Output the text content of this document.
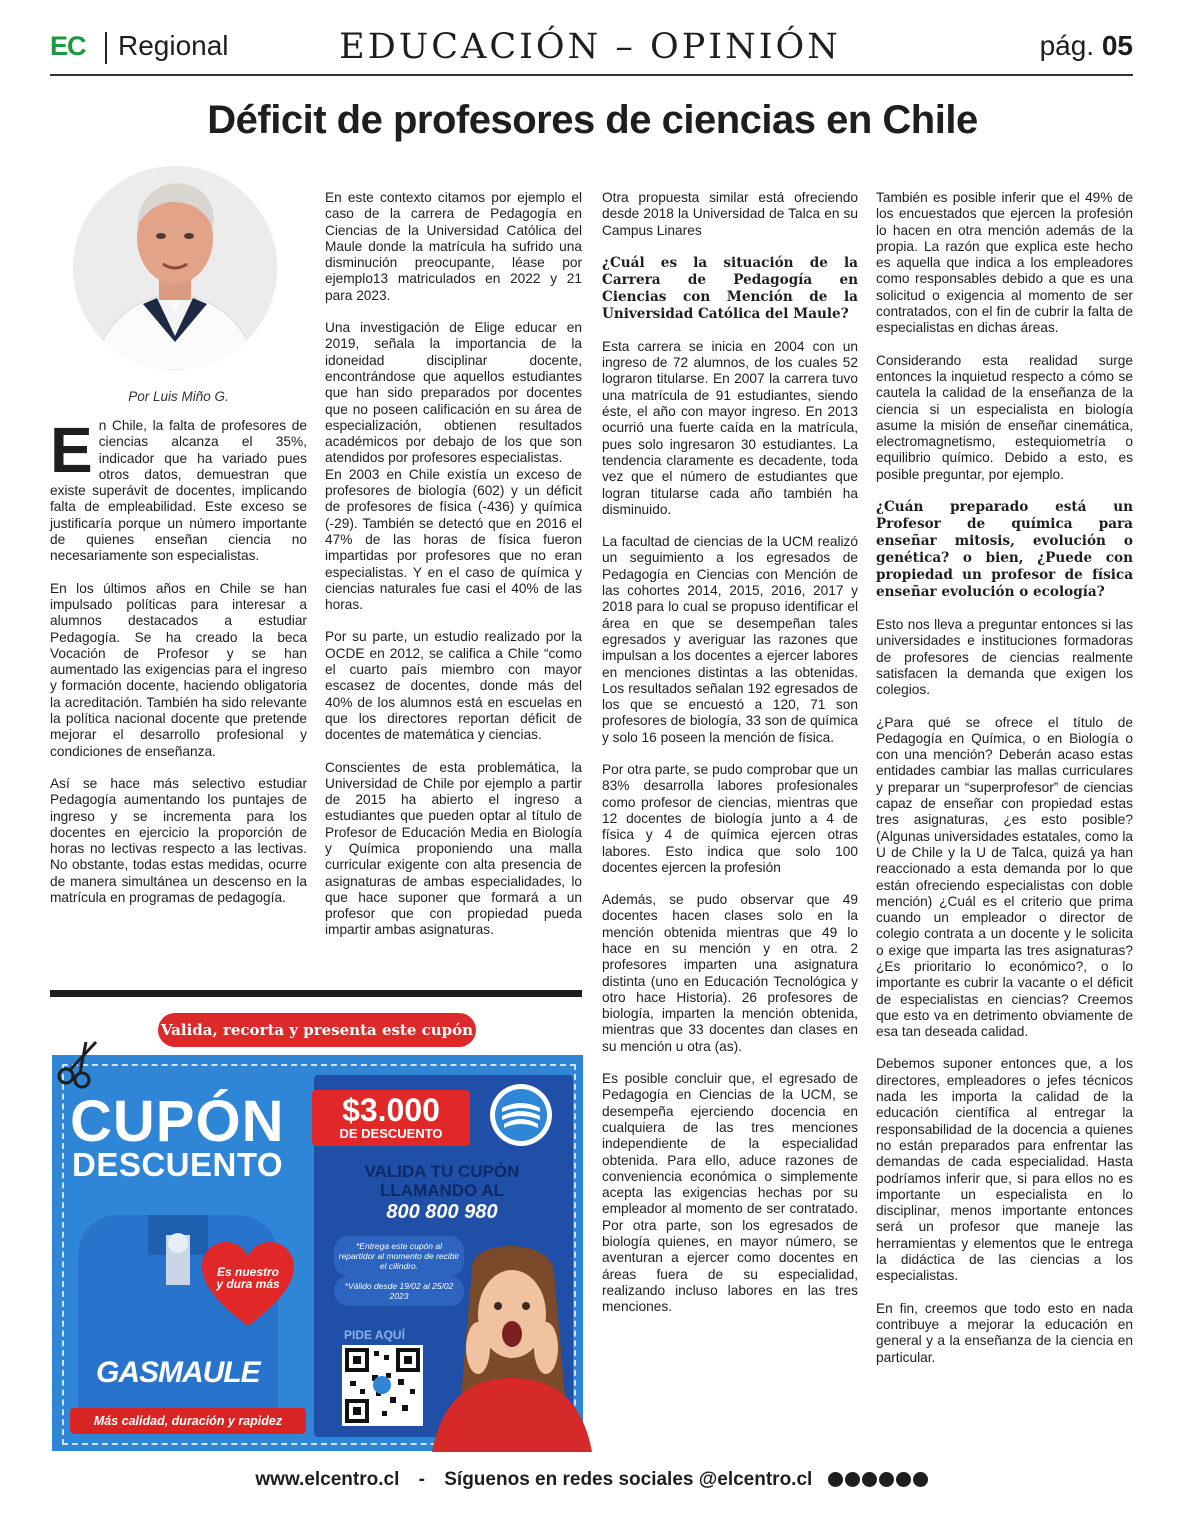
EC Regional	EDUCACIÓN – OPINIÓN	pág. 05
Déficit de profesores de ciencias en Chile
Por Luis Miño G.

En Chile, la falta de profesores de ciencias alcanza el 35%, indicador que ha variado pues otros datos, demuestran que existe superávit de docentes, implicando falta de empleabilidad. Este exceso se justificaría porque un número importante de quienes enseñan ciencia no necesariamente son especialistas.

En los últimos años en Chile se han impulsado políticas para interesar a alumnos destacados a estudiar Pedagogía. Se ha creado la beca Vocación de Profesor y se han aumentado las exigencias para el ingreso y formación docente, haciendo obligatoria la acreditación. También ha sido relevante la política nacional docente que pretende mejorar el desarrollo profesional y condiciones de enseñanza.

Así se hace más selectivo estudiar Pedagogía aumentando los puntajes de ingreso y se incrementa para los docentes en ejercicio la proporción de horas no lectivas respecto a las lectivas. No obstante, todas estas medidas, ocurre de manera simultánea un descenso en la matrícula en programas de pedagogía.

En este contexto citamos por ejemplo el caso de la carrera de Pedagogía en Ciencias de la Universidad Católica del Maule donde la matrícula ha sufrido una disminución preocupante, léase por ejemplo13 matriculados en 2022 y 21 para 2023.

Una investigación de Elige educar en 2019, señala la importancia de la idoneidad disciplinar docente, encontrándose que aquellos estudiantes que han sido preparados por docentes que no poseen calificación en su área de especialización, obtienen resultados académicos por debajo de los que son atendidos por profesores especialistas.

En 2003 en Chile existía un exceso de profesores de biología (602) y un déficit de profesores de física (-436) y química (-29). También se detectó que en 2016 el 47% de las horas de física fueron impartidas por profesores que no eran especialistas. Y en el caso de química y ciencias naturales fue casi el 40% de las horas.

Por su parte, un estudio realizado por la OCDE en 2012, se califica a Chile “como el cuarto país miembro con mayor escasez de docentes, donde más del 40% de los alumnos está en escuelas en que los directores reportan déficit de docentes de matemática y ciencias.

Conscientes de esta problemática, la Universidad de Chile por ejemplo a partir de 2015 ha abierto el ingreso a estudiantes que pueden optar al título de Profesor de Educación Media en Biología y Química proponiendo una malla curricular exigente con alta presencia de asignaturas de ambas especialidades, lo que hace suponer que formará a un profesor que con propiedad pueda impartir ambas asignaturas.

Otra propuesta similar está ofreciendo desde 2018 la Universidad de Talca en su Campus Linares

¿Cuál es la situación de la Carrera de Pedagogía en Ciencias con Mención de la Universidad Católica del Maule?

Esta carrera se inicia en 2004 con un ingreso de 72 alumnos, de los cuales 52 lograron titularse. En 2007 la carrera tuvo una matrícula de 91 estudiantes, siendo éste, el año con mayor ingreso. En 2013 ocurrió una fuerte caída en la matrícula, pues solo ingresaron 30 estudiantes. La tendencia claramente es decadente, toda vez que el número de estudiantes que logran titularse cada año también ha disminuido.

La facultad de ciencias de la UCM realizó un seguimiento a los egresados de Pedagogía en Ciencias con Mención de las cohortes 2014, 2015, 2016, 2017 y 2018 para lo cual se propuso identificar el área en que se desempeñan tales egresados y averiguar las razones que impulsan a los docentes a ejercer labores en menciones distintas a las obtenidas. Los resultados señalan 192 egresados de los que se encuestó a 120, 71 son profesores de biología, 33 son de química y solo 16 poseen la mención de física.

Por otra parte, se pudo comprobar que un 83% desarrolla labores profesionales como profesor de ciencias, mientras que 12 docentes de biología junto a 4 de física y 4 de química ejercen otras labores. Esto indica que solo 100 docentes ejercen la profesión

Además, se pudo observar que 49 docentes hacen clases solo en la mención obtenida mientras que 49 lo hace en su mención y en otra. 2 profesores imparten una asignatura distinta (uno en Educación Tecnológica y otro hace Historia). 26 profesores de biología, imparten la mención obtenida, mientras que 33 docentes dan clases en su mención u otra (as).

Es posible concluir que, el egresado de Pedagogía en Ciencias de la UCM, se desempeña ejerciendo docencia en cualquiera de las tres menciones independiente de la especialidad obtenida. Para ello, aduce razones de conveniencia económica o simplemente acepta las exigencias hechas por su empleador al momento de ser contratado. Por otra parte, son los egresados de biología quienes, en mayor número, se aventuran a ejercer como docentes en áreas fuera de su especialidad, realizando incluso labores en las tres menciones.

También es posible inferir que el 49% de los encuestados que ejercen la profesión lo hacen en otra mención además de la propia. La razón que explica este hecho es aquella que indica a los empleadores como responsables debido a que es una solicitud o exigencia al momento de ser contratados, con el fin de cubrir la falta de especialistas en dichas áreas.

Considerando esta realidad surge entonces la inquietud respecto a cómo se cautela la calidad de la enseñanza de la ciencia si un especialista en biología asume la misión de enseñar cinemática, electromagnetismo, estequiometría o equilibrio químico. Debido a esto, es posible preguntar, por ejemplo.

¿Cuán preparado está un Profesor de química para enseñar mitosis, evolución o genética? o bien, ¿Puede con propiedad un profesor de física enseñar evolución o ecología?

Esto nos lleva a preguntar entonces si las universidades e instituciones formadoras de profesores de ciencias realmente satisfacen la demanda que exigen los colegios.

¿Para qué se ofrece el título de Pedagogía en Química, o en Biología o con una mención? Deberán acaso estas entidades cambiar las mallas curriculares y preparar un “superprofesor” de ciencias capaz de enseñar con propiedad estas tres asignaturas, ¿es esto posible? (Algunas universidades estatales, como la U de Chile y la U de Talca, quizá ya han reaccionado a esta demanda por lo que están ofreciendo especialistas con doble mención) ¿Cuál es el criterio que prima cuando un empleador o director de colegio contrata a un docente y le solicita o exige que imparta las tres asignaturas? ¿Es prioritario lo económico?, o lo importante es cubrir la vacante o el déficit de especialistas en ciencias? Creemos que esto va en detrimento obviamente de esa tan deseada calidad.

Debemos suponer entonces que, a los directores, empleadores o jefes técnicos nada les importa la calidad de la educación científica al entregar la responsabilidad de la docencia a quienes no están preparados para enfrentar las demandas de cada especialidad. Hasta podríamos inferir que, si para ellos no es importante un especialista en lo disciplinar, menos importante entonces será un profesor que maneje las herramientas y elementos que le entrega la didáctica de las ciencias a los especialistas.

En fin, creemos que todo esto en nada contribuye a mejorar la educación en general y a la enseñanza de la ciencia en particular.

Valida, recorta y presenta este cupón
CUPÓN
DESCUENTO
Es nuestro y dura más
GASMAULE
Más calidad, duración y rapidez
$3.000
DE DESCUENTO
VALIDA TU CUPÓN LLAMANDO AL
800 800 980
*Entrega este cupón al repartidor al momento de recibir el cilindro.
*Válido desde 19/02 al 25/02 2023
PIDE AQUÍ
www.elcentro.cl - Síguenos en redes sociales @elcentro.cl
